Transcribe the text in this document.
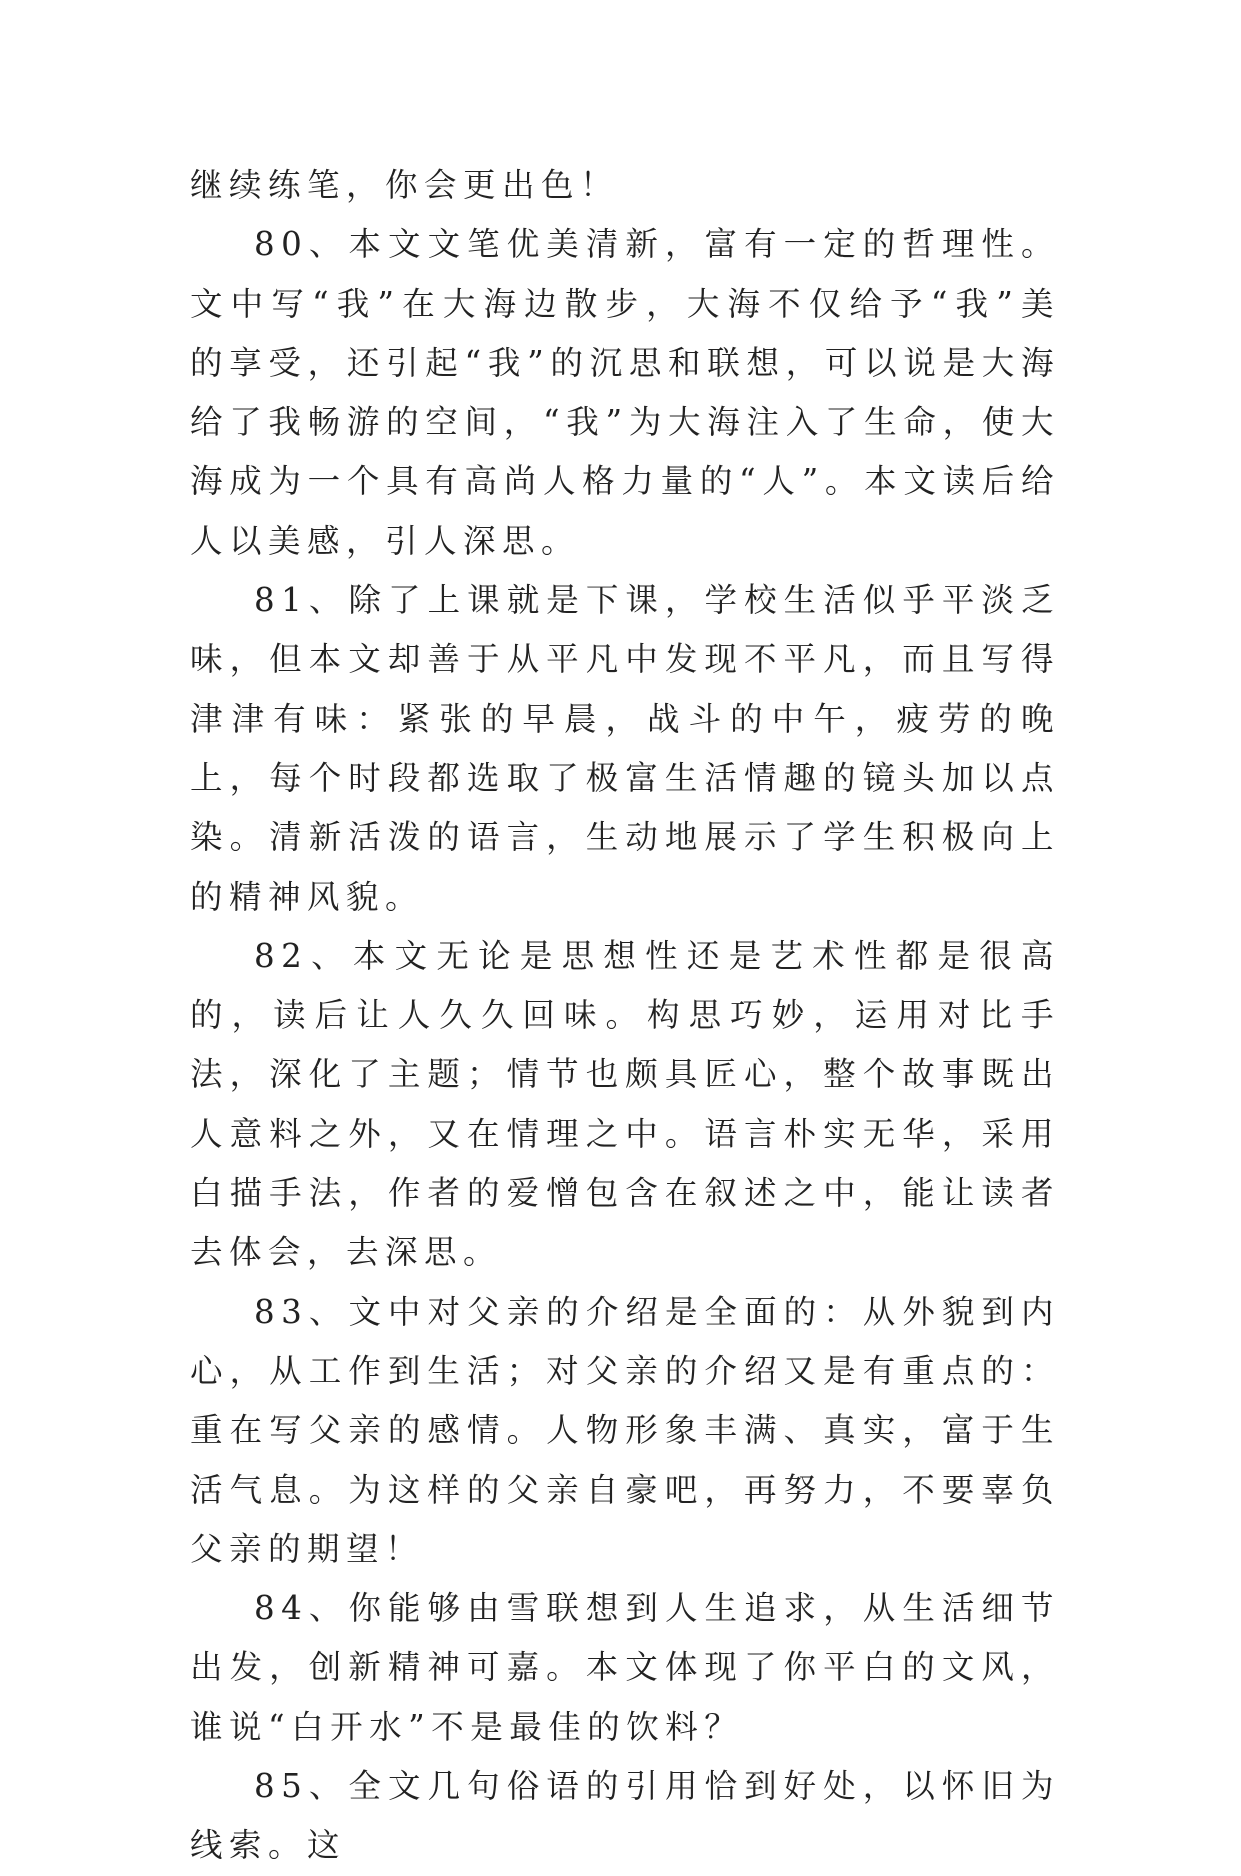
继续练笔，你会更出色！

80、本文文笔优美清新，富有一定的哲理性。文中写“我”在大海边散步，大海不仅给予“我”美的享受，还引起“我”的沉思和联想，可以说是大海给了我畅游的空间，“我”为大海注入了生命，使大海成为一个具有高尚人格力量的“人”。本文读后给人以美感，引人深思。

81、除了上课就是下课，学校生活似乎平淡乏味，但本文却善于从平凡中发现不平凡，而且写得津津有味：紧张的早晨，战斗的中午，疲劳的晚上，每个时段都选取了极富生活情趣的镜头加以点染。清新活泼的语言，生动地展示了学生积极向上的精神风貌。

82、本文无论是思想性还是艺术性都是很高的，读后让人久久回味。构思巧妙，运用对比手法，深化了主题；情节也颇具匠心，整个故事既出人意料之外，又在情理之中。语言朴实无华，采用白描手法，作者的爱憎包含在叙述之中，能让读者去体会，去深思。

83、文中对父亲的介绍是全面的：从外貌到内心，从工作到生活；对父亲的介绍又是有重点的：重在写父亲的感情。人物形象丰满、真实，富于生活气息。为这样的父亲自豪吧，再努力，不要辜负父亲的期望！

84、你能够由雪联想到人生追求，从生活细节出发，创新精神可嘉。本文体现了你平白的文风，谁说“白开水”不是最佳的饮料？

85、全文几句俗语的引用恰到好处，以怀旧为线索。这
